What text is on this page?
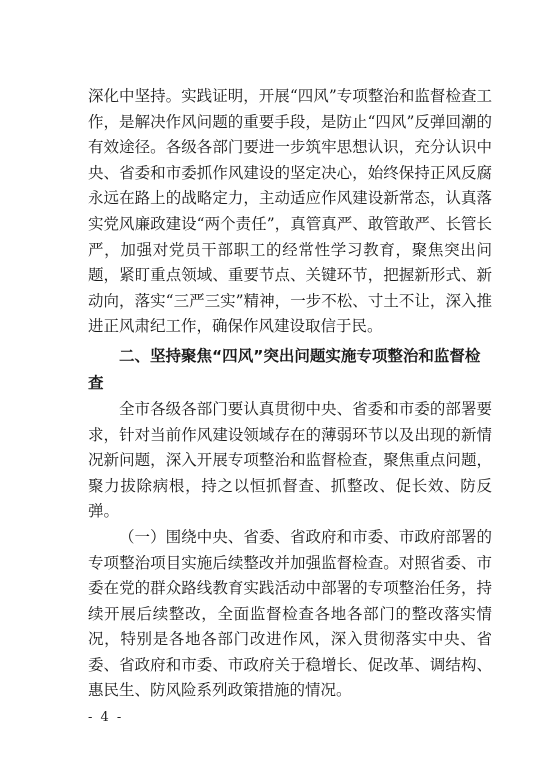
深化中坚持。实践证明，开展“四风”专项整治和监督检查工作，是解决作风问题的重要手段，是防止“四风”反弹回潮的有效途径。各级各部门要进一步筑牢思想认识，充分认识中央、省委和市委抓作风建设的坚定决心，始终保持正风反腐永远在路上的战略定力，主动适应作风建设新常态，认真落实党风廉政建设“两个责任”，真管真严、敢管敢严、长管长严，加强对党员干部职工的经常性学习教育，聚焦突出问题，紧盯重点领域、重要节点、关键环节，把握新形式、新动向，落实“三严三实”精神，一步不松、寸土不让，深入推进正风肃纪工作，确保作风建设取信于民。

二、坚持聚焦“四风”突出问题实施专项整治和监督检查

全市各级各部门要认真贯彻中央、省委和市委的部署要求，针对当前作风建设领域存在的薄弱环节以及出现的新情况新问题，深入开展专项整治和监督检查，聚焦重点问题，聚力拔除病根，持之以恒抓督查、抓整改、促长效、防反弹。

（一）围绕中央、省委、省政府和市委、市政府部署的专项整治项目实施后续整改并加强监督检查。对照省委、市委在党的群众路线教育实践活动中部署的专项整治任务，持续开展后续整改，全面监督检查各地各部门的整改落实情况，特别是各地各部门改进作风，深入贯彻落实中央、省委、省政府和市委、市政府关于稳增长、促改革、调结构、惠民生、防风险系列政策措施的情况。

- 4 -
